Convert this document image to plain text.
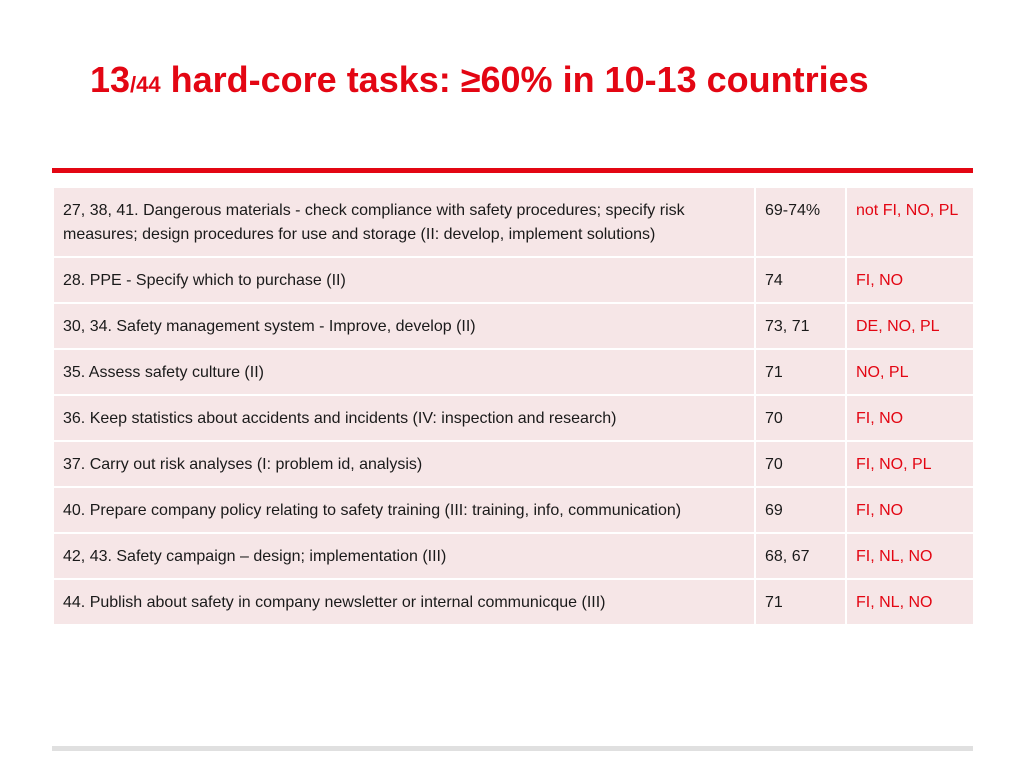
13/44 hard-core tasks: ≥60% in 10-13 countries
27, 38, 41. Dangerous materials - check compliance with safety procedures; specify risk measures; design procedures for use and storage (II: develop, implement solutions)	69-74%	not FI, NO, PL
28. PPE - Specify which to purchase (II)	74	FI, NO
30, 34. Safety management system - Improve, develop (II)	73, 71	DE, NO, PL
35. Assess safety culture (II)	71	NO, PL
36. Keep statistics about accidents and incidents (IV: inspection and research)	70	FI, NO
37. Carry out risk analyses (I: problem id, analysis)	70	FI, NO, PL
40. Prepare company policy relating to safety training (III: training, info, communication)	69	FI, NO
42, 43. Safety campaign – design; implementation (III)	68, 67	FI, NL, NO
44. Publish about safety in company newsletter or internal communicque (III)	71	FI, NL, NO
